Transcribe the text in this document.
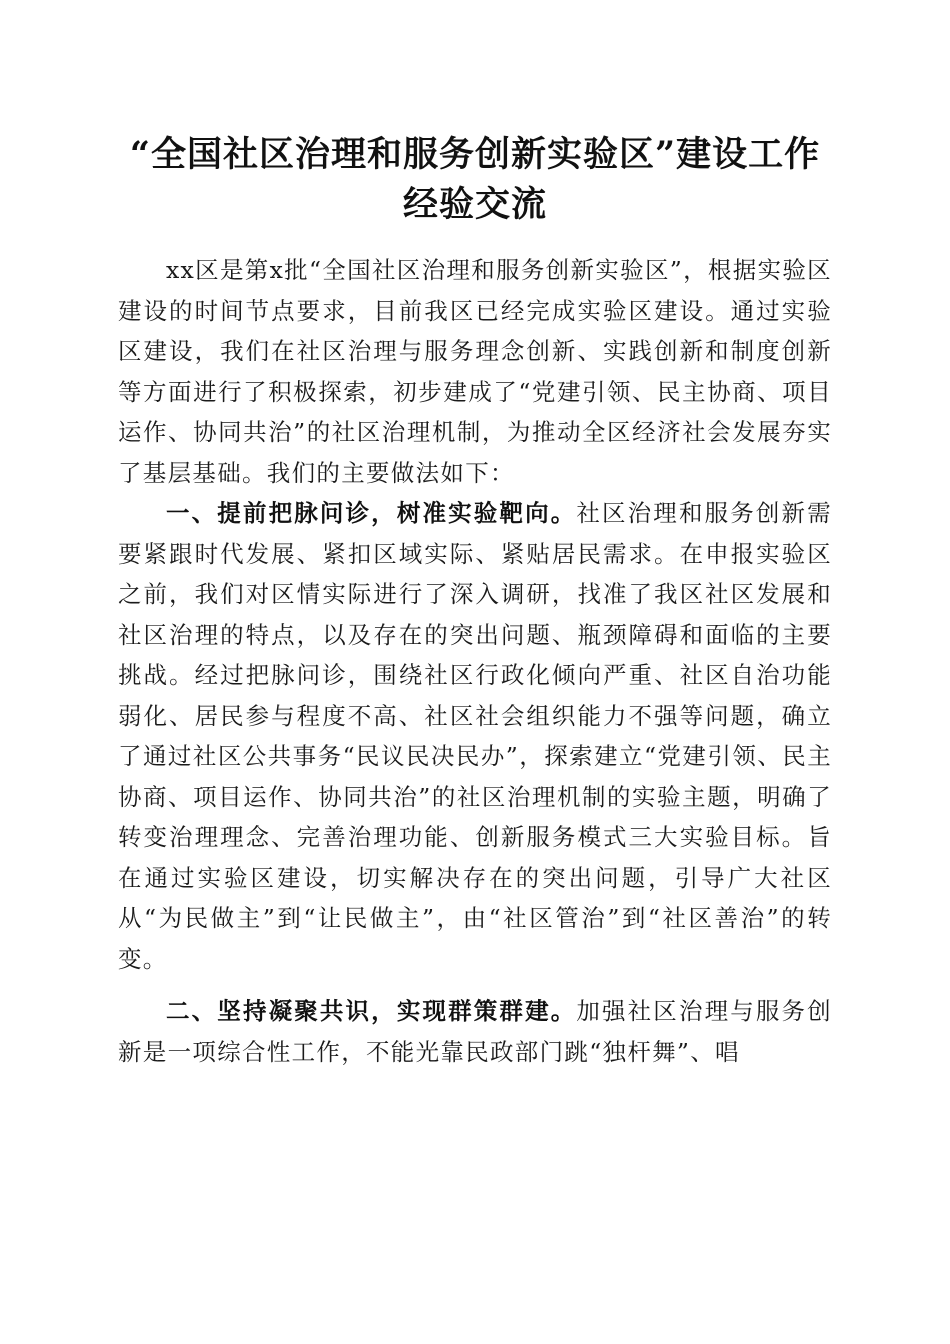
“全国社区治理和服务创新实验区”建设工作
经验交流

xx区是第x批“全国社区治理和服务创新实验区”，根据实验区建设的时间节点要求，目前我区已经完成实验区建设。通过实验区建设，我们在社区治理与服务理念创新、实践创新和制度创新等方面进行了积极探索，初步建成了“党建引领、民主协商、项目运作、协同共治”的社区治理机制，为推动全区经济社会发展夯实了基层基础。我们的主要做法如下：

一、提前把脉问诊，树准实验靶向。社区治理和服务创新需要紧跟时代发展、紧扣区域实际、紧贴居民需求。在申报实验区之前，我们对区情实际进行了深入调研，找准了我区社区发展和社区治理的特点，以及存在的突出问题、瓶颈障碍和面临的主要挑战。经过把脉问诊，围绕社区行政化倾向严重、社区自治功能弱化、居民参与程度不高、社区社会组织能力不强等问题，确立了通过社区公共事务“民议民决民办”，探索建立“党建引领、民主协商、项目运作、协同共治”的社区治理机制的实验主题，明确了转变治理理念、完善治理功能、创新服务模式三大实验目标。旨在通过实验区建设，切实解决存在的突出问题，引导广大社区从“为民做主”到“让民做主”，由“社区管治”到“社区善治”的转变。

二、坚持凝聚共识，实现群策群建。加强社区治理与服务创新是一项综合性工作，不能光靠民政部门跳“独杆舞”、唱
